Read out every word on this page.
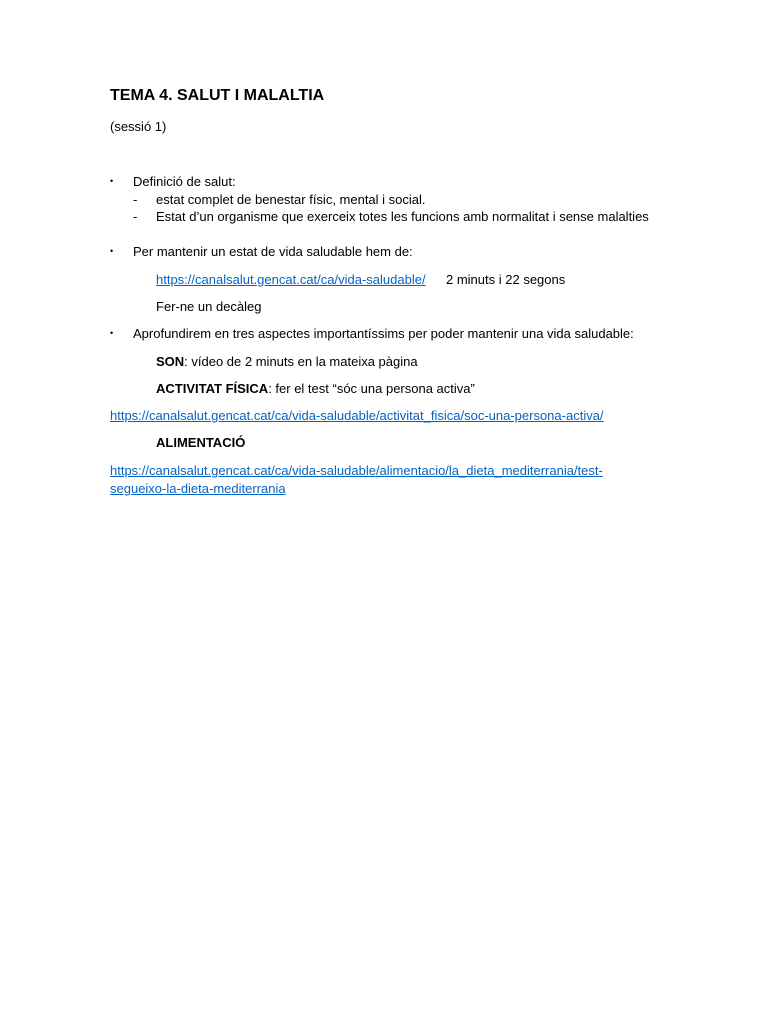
TEMA 4. SALUT I MALALTIA
(sessió 1)
• Definició de salut:
- estat complet de benestar físic, mental i social.
- Estat d’un organisme que exerceix totes les funcions amb normalitat i sense malalties
• Per mantenir un estat de vida saludable hem de:
https://canalsalut.gencat.cat/ca/vida-saludable/ 2 minuts i 22 segons
Fer-ne un decàleg
• Aprofundirem en tres aspectes importantíssims per poder mantenir una vida saludable:
SON: vídeo de 2 minuts en la mateixa pàgina
ACTIVITAT FÍSICA: fer el test “sóc una persona activa”
https://canalsalut.gencat.cat/ca/vida-saludable/activitat_fisica/soc-una-persona-activa/
ALIMENTACIÓ
https://canalsalut.gencat.cat/ca/vida-saludable/alimentacio/la_dieta_mediterrania/test-
segueixo-la-dieta-mediterrania
